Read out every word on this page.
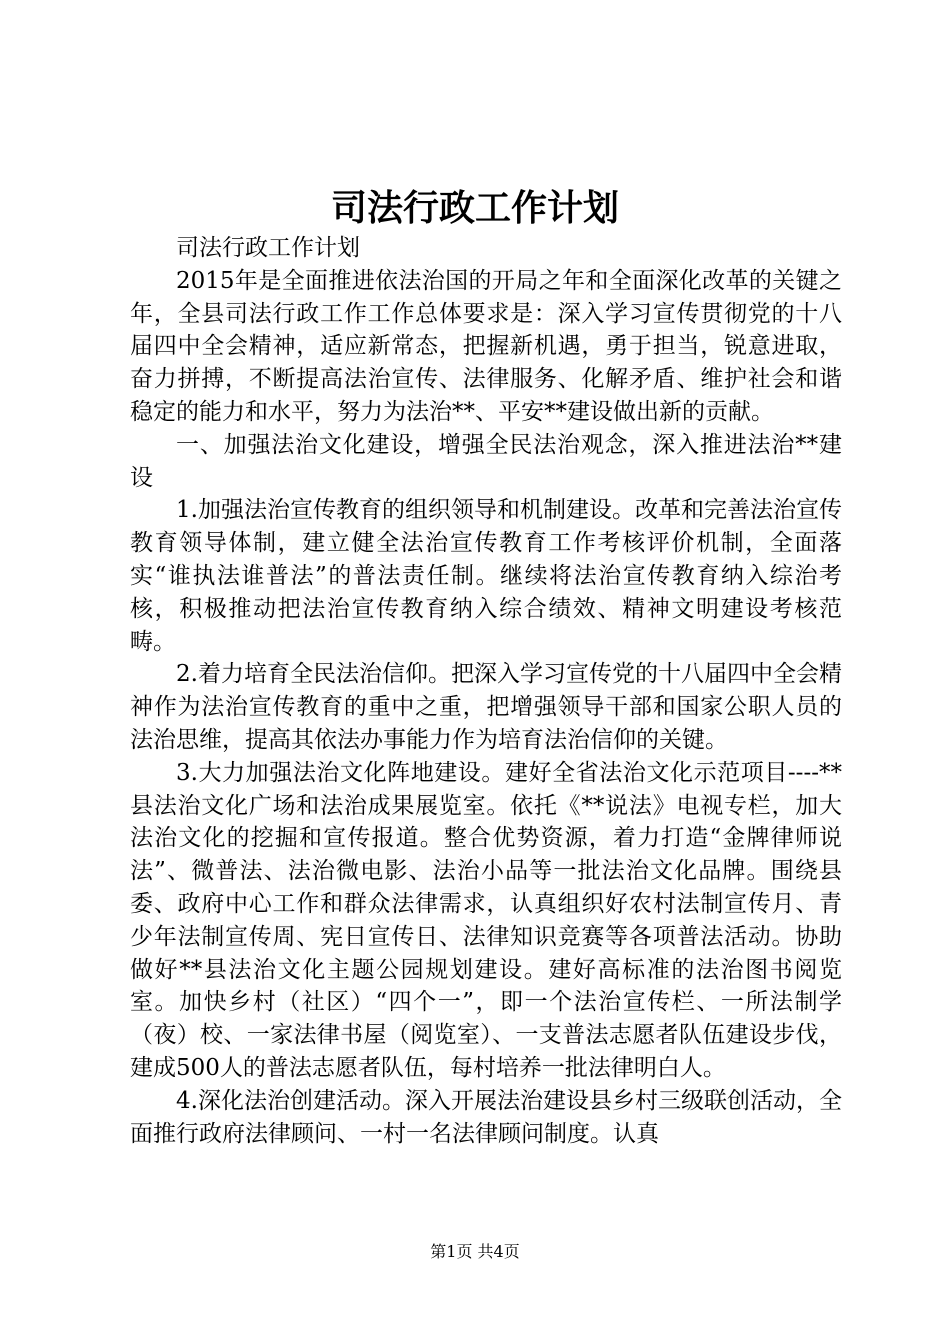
司法行政工作计划

司法行政工作计划

2015年是全面推进依法治国的开局之年和全面深化改革的关键之年，全县司法行政工作工作总体要求是：深入学习宣传贯彻党的十八届四中全会精神，适应新常态，把握新机遇，勇于担当，锐意进取，奋力拼搏，不断提高法治宣传、法律服务、化解矛盾、维护社会和谐稳定的能力和水平，努力为法治**、平安**建设做出新的贡献。

一、加强法治文化建设，增强全民法治观念，深入推进法治**建设

1.加强法治宣传教育的组织领导和机制建设。改革和完善法治宣传教育领导体制，建立健全法治宣传教育工作考核评价机制，全面落实“谁执法谁普法”的普法责任制。继续将法治宣传教育纳入综治考核，积极推动把法治宣传教育纳入综合绩效、精神文明建设考核范畴。

2.着力培育全民法治信仰。把深入学习宣传党的十八届四中全会精神作为法治宣传教育的重中之重，把增强领导干部和国家公职人员的法治思维，提高其依法办事能力作为培育法治信仰的关键。

3.大力加强法治文化阵地建设。建好全省法治文化示范项目----**县法治文化广场和法治成果展览室。依托《**说法》电视专栏，加大法治文化的挖掘和宣传报道。整合优势资源，着力打造“金牌律师说法”、微普法、法治微电影、法治小品等一批法治文化品牌。围绕县委、政府中心工作和群众法律需求，认真组织好农村法制宣传月、青少年法制宣传周、宪日宣传日、法律知识竞赛等各项普法活动。协助做好**县法治文化主题公园规划建设。建好高标准的法治图书阅览室。加快乡村（社区）“四个一”，即一个法治宣传栏、一所法制学（夜）校、一家法律书屋（阅览室）、一支普法志愿者队伍建设步伐，建成500人的普法志愿者队伍，每村培养一批法律明白人。

4.深化法治创建活动。深入开展法治建设县乡村三级联创活动，全面推行政府法律顾问、一村一名法律顾问制度。认真

第1页 共4页
